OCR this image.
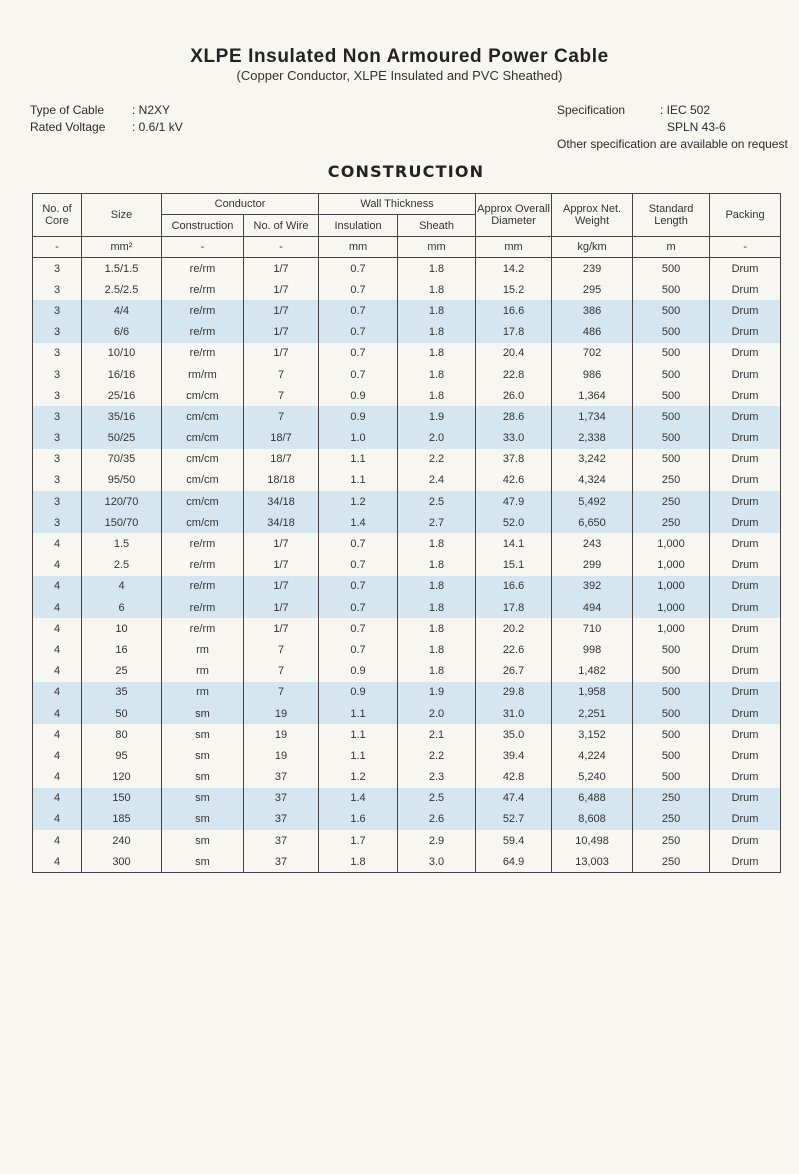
XLPE Insulated Non Armoured Power Cable
(Copper Conductor, XLPE Insulated and PVC Sheathed)
Type of Cable	: N2XY
Rated Voltage	: 0.6/1 kV
Specification	: IEC 502
SPLN 43-6
Other specification are available on request
CONSTRUCTION
No. of Core	Size	Conductor		Wall Thickness		Approx Overall Diameter	Approx Net. Weight	Standard Length	Packing
		Construction	No. of Wire	Insulation	Sheath				
-	mm²	-	-	mm	mm	mm	kg/km	m	-
3	1.5/1.5	re/rm	1/7	0.7	1.8	14.2	239	500	Drum
3	2.5/2.5	re/rm	1/7	0.7	1.8	15.2	295	500	Drum
3	4/4	re/rm	1/7	0.7	1.8	16.6	386	500	Drum
3	6/6	re/rm	1/7	0.7	1.8	17.8	486	500	Drum
3	10/10	re/rm	1/7	0.7	1.8	20.4	702	500	Drum
3	16/16	rm/rm	7	0.7	1.8	22.8	986	500	Drum
3	25/16	cm/cm	7	0.9	1.8	26.0	1,364	500	Drum
3	35/16	cm/cm	7	0.9	1.9	28.6	1,734	500	Drum
3	50/25	cm/cm	18/7	1.0	2.0	33.0	2,338	500	Drum
3	70/35	cm/cm	18/7	1.1	2.2	37.8	3,242	500	Drum
3	95/50	cm/cm	18/18	1.1	2.4	42.6	4,324	250	Drum
3	120/70	cm/cm	34/18	1.2	2.5	47.9	5,492	250	Drum
3	150/70	cm/cm	34/18	1.4	2.7	52.0	6,650	250	Drum
4	1.5	re/rm	1/7	0.7	1.8	14.1	243	1,000	Drum
4	2.5	re/rm	1/7	0.7	1.8	15.1	299	1,000	Drum
4	4	re/rm	1/7	0.7	1.8	16.6	392	1,000	Drum
4	6	re/rm	1/7	0.7	1.8	17.8	494	1,000	Drum
4	10	re/rm	1/7	0.7	1.8	20.2	710	1,000	Drum
4	16	rm	7	0.7	1.8	22.6	998	500	Drum
4	25	rm	7	0.9	1.8	26.7	1,482	500	Drum
4	35	rm	7	0.9	1.9	29.8	1,958	500	Drum
4	50	sm	19	1.1	2.0	31.0	2,251	500	Drum
4	80	sm	19	1.1	2.1	35.0	3,152	500	Drum
4	95	sm	19	1.1	2.2	39.4	4,224	500	Drum
4	120	sm	37	1.2	2.3	42.8	5,240	500	Drum
4	150	sm	37	1.4	2.5	47.4	6,488	250	Drum
4	185	sm	37	1.6	2.6	52.7	8,608	250	Drum
4	240	sm	37	1.7	2.9	59.4	10,498	250	Drum
4	300	sm	37	1.8	3.0	64.9	13,003	250	Drum
